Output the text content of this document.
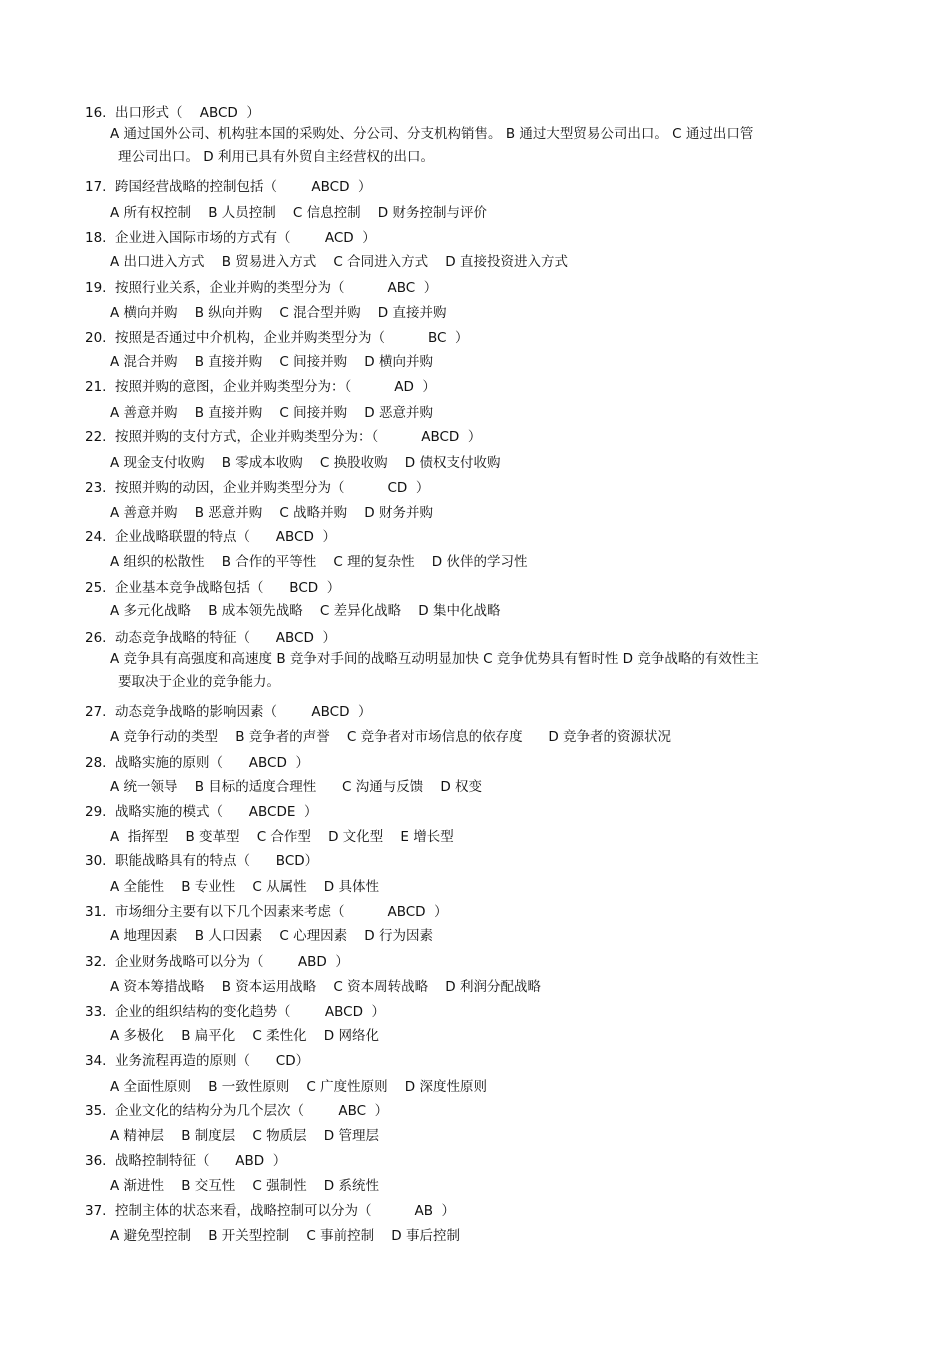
16.  出口形式（    ABCD  ）
A 通过国外公司、机构驻本国的采购处、分公司、分支机构销售。 B 通过大型贸易公司出口。 C 通过出口管
理公司出口。 D 利用已具有外贸自主经营权的出口。
17.  跨国经营战略的控制包括（        ABCD  ）
A 所有权控制    B 人员控制    C 信息控制    D 财务控制与评价
18.  企业进入国际市场的方式有（        ACD  ）
A 出口进入方式    B 贸易进入方式    C 合同进入方式    D 直接投资进入方式
19.  按照行业关系，企业并购的类型分为（          ABC  ）
A 横向并购    B 纵向并购    C 混合型并购    D 直接并购
20.  按照是否通过中介机构，企业并购类型分为（          BC  ）
A 混合并购    B 直接并购    C 间接并购    D 横向并购
21.  按照并购的意图，企业并购类型分为：（          AD  ）
A 善意并购    B 直接并购    C 间接并购    D 恶意并购
22.  按照并购的支付方式，企业并购类型分为：（          ABCD  ）
A 现金支付收购    B 零成本收购    C 换股收购    D 债权支付收购
23.  按照并购的动因，企业并购类型分为（          CD  ）
A 善意并购    B 恶意并购    C 战略并购    D 财务并购
24.  企业战略联盟的特点（      ABCD  ）
A 组织的松散性    B 合作的平等性    C 理的复杂性    D 伙伴的学习性
25.  企业基本竞争战略包括（      BCD  ）
A 多元化战略    B 成本领先战略    C 差异化战略    D 集中化战略
26.  动态竞争战略的特征（      ABCD  ）
A 竞争具有高强度和高速度 B 竞争对手间的战略互动明显加快 C 竞争优势具有暂时性 D 竞争战略的有效性主
要取决于企业的竞争能力。
27.  动态竞争战略的影响因素（        ABCD  ）
A 竞争行动的类型    B 竞争者的声誉    C 竞争者对市场信息的依存度      D 竞争者的资源状况
28.  战略实施的原则（      ABCD  ）
A 统一领导    B 目标的适度合理性      C 沟通与反馈    D 权变
29.  战略实施的模式（      ABCDE  ）
A  指挥型    B 变革型    C 合作型    D 文化型    E 增长型
30.  职能战略具有的特点（      BCD）
A 全能性    B 专业性    C 从属性    D 具体性
31.  市场细分主要有以下几个因素来考虑（          ABCD  ）
A 地理因素    B 人口因素    C 心理因素    D 行为因素
32.  企业财务战略可以分为（        ABD  ）
A 资本筹措战略    B 资本运用战略    C 资本周转战略    D 利润分配战略
33.  企业的组织结构的变化趋势（        ABCD  ）
A 多极化    B 扁平化    C 柔性化    D 网络化
34.  业务流程再造的原则（      CD）
A 全面性原则    B 一致性原则    C 广度性原则    D 深度性原则
35.  企业文化的结构分为几个层次（        ABC  ）
A 精神层    B 制度层    C 物质层    D 管理层
36.  战略控制特征（      ABD  ）
A 渐进性    B 交互性    C 强制性    D 系统性
37.  控制主体的状态来看，战略控制可以分为（          AB  ）
A 避免型控制    B 开关型控制    C 事前控制    D 事后控制
